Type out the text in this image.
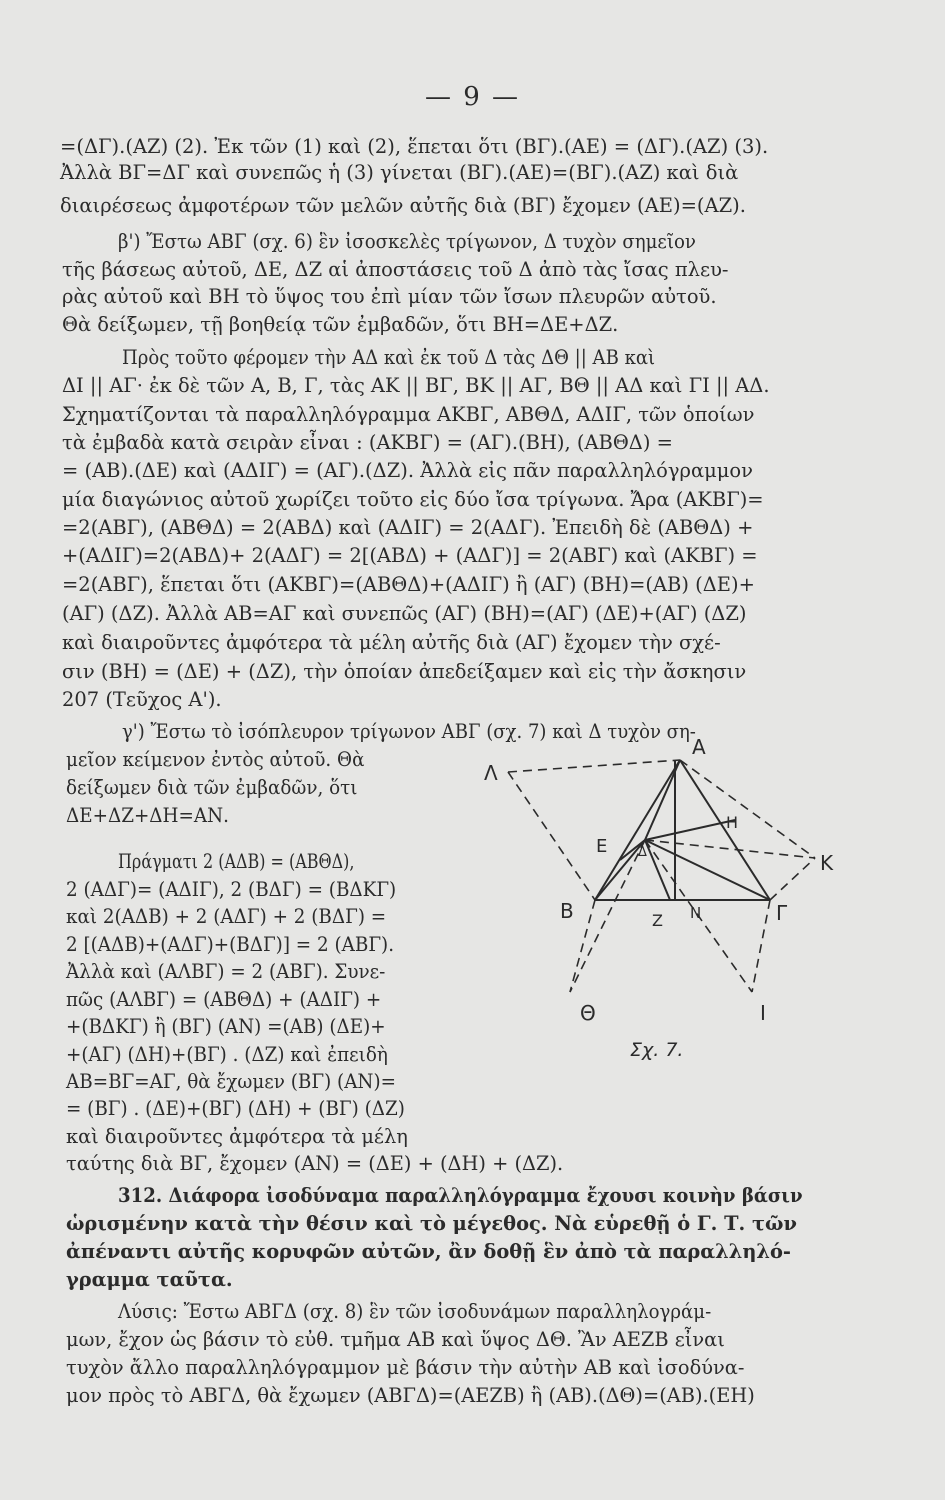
— 9 —
=(ΔΓ).(ΑΖ) (2). Ἐκ τῶν (1) καὶ (2), ἕπεται ὅτι (ΒΓ).(ΑΕ) = (ΔΓ).(ΑΖ) (3).
Ἀλλὰ ΒΓ=ΔΓ καὶ συνεπῶς ἡ (3) γίνεται (ΒΓ).(ΑΕ)=(ΒΓ).(ΑΖ) καὶ διὰ
διαιρέσεως ἀμφοτέρων τῶν μελῶν αὐτῆς διὰ (ΒΓ) ἔχομεν (ΑΕ)=(ΑΖ).
β') Ἔστω ΑΒΓ (σχ. 6) ἓν ἰσοσκελὲς τρίγωνον, Δ τυχὸν σημεῖον
τῆς βάσεως αὐτοῦ, ΔΕ, ΔΖ αἱ ἀποστάσεις τοῦ Δ ἀπὸ τὰς ἴσας πλευ-
ρὰς αὐτοῦ καὶ ΒΗ τὸ ὕψος του ἐπὶ μίαν τῶν ἴσων πλευρῶν αὐτοῦ.
Θὰ δείξωμεν, τῇ βοηθείᾳ τῶν ἐμβαδῶν, ὅτι ΒΗ=ΔΕ+ΔΖ.
Πρὸς τοῦτο φέρομεν τὴν ΑΔ καὶ ἐκ τοῦ Δ τὰς ΔΘ || ΑΒ καὶ
ΔΙ || ΑΓ· ἐκ δὲ τῶν Α, Β, Γ, τὰς ΑΚ || ΒΓ, ΒΚ || ΑΓ, ΒΘ || ΑΔ καὶ ΓΙ || ΑΔ.
Σχηματίζονται τὰ παραλληλόγραμμα ΑΚΒΓ, ΑΒΘΔ, ΑΔΙΓ, τῶν ὁποίων
τὰ ἐμβαδὰ κατὰ σειρὰν εἶναι : (ΑΚΒΓ) = (ΑΓ).(ΒΗ), (ΑΒΘΔ) =
= (ΑΒ).(ΔΕ) καὶ (ΑΔΙΓ) = (ΑΓ).(ΔΖ). Ἀλλὰ εἰς πᾶν παραλληλόγραμμον
μία διαγώνιος αὐτοῦ χωρίζει τοῦτο εἰς δύο ἴσα τρίγωνα. Ἄρα (ΑΚΒΓ)=
=2(ΑΒΓ), (ΑΒΘΔ) = 2(ΑΒΔ) καὶ (ΑΔΙΓ) = 2(ΑΔΓ). Ἐπειδὴ δὲ (ΑΒΘΔ) +
+(ΑΔΙΓ)=2(ΑΒΔ)+ 2(ΑΔΓ) = 2[(ΑΒΔ) + (ΑΔΓ)] = 2(ΑΒΓ) καὶ (ΑΚΒΓ) =
=2(ΑΒΓ), ἕπεται ὅτι (ΑΚΒΓ)=(ΑΒΘΔ)+(ΑΔΙΓ) ἢ (ΑΓ) (ΒΗ)=(ΑΒ) (ΔΕ)+
(ΑΓ) (ΔΖ). Ἀλλὰ ΑΒ=ΑΓ καὶ συνεπῶς (ΑΓ) (ΒΗ)=(ΑΓ) (ΔΕ)+(ΑΓ) (ΔΖ)
καὶ διαιροῦντες ἀμφότερα τὰ μέλη αὐτῆς διὰ (ΑΓ) ἔχομεν τὴν σχέ-
σιν (ΒΗ) = (ΔΕ) + (ΔΖ), τὴν ὁποίαν ἀπεδείξαμεν καὶ εἰς τὴν ἄσκησιν
207 (Τεῦχος Α').
γ') Ἔστω τὸ ἰσόπλευρον τρίγωνον ΑΒΓ (σχ. 7) καὶ Δ τυχὸν ση-
μεῖον κείμενον ἐντὸς αὐτοῦ. Θὰ
δείξωμεν διὰ τῶν ἐμβαδῶν, ὅτι
ΔΕ+ΔΖ+ΔΗ=ΑΝ.
Πράγματι 2 (ΑΔΒ) = (ΑΒΘΔ),
2 (ΑΔΓ)= (ΑΔΙΓ), 2 (ΒΔΓ) = (ΒΔΚΓ)
καὶ 2(ΑΔΒ) + 2 (ΑΔΓ) + 2 (ΒΔΓ) =
2 [(ΑΔΒ)+(ΑΔΓ)+(ΒΔΓ)] = 2 (ΑΒΓ).
Ἀλλὰ καὶ (ΑΛΒΓ) = 2 (ΑΒΓ). Συνε-
πῶς (ΑΛΒΓ) = (ΑΒΘΔ) + (ΑΔΙΓ) +
+(ΒΔΚΓ) ἢ (ΒΓ) (ΑΝ) =(ΑΒ) (ΔΕ)+
+(ΑΓ) (ΔΗ)+(ΒΓ) . (ΔΖ) καὶ ἐπειδὴ
ΑΒ=ΒΓ=ΑΓ, θὰ ἔχωμεν (ΒΓ) (ΑΝ)=
= (ΒΓ) . (ΔΕ)+(ΒΓ) (ΔΗ) + (ΒΓ) (ΔΖ)
καὶ διαιροῦντες ἀμφότερα τὰ μέλη
ταύτης διὰ ΒΓ, ἔχομεν (ΑΝ) = (ΔΕ) + (ΔΗ) + (ΔΖ).
312. Διάφορα ἰσοδύναμα παραλληλόγραμμα ἔχουσι κοινὴν βάσιν
ὡρισμένην κατὰ τὴν θέσιν καὶ τὸ μέγεθος. Νὰ εὑρεθῇ ὁ Γ. Τ. τῶν
ἀπέναντι αὐτῆς κορυφῶν αὐτῶν, ἂν δοθῇ ἓν ἀπὸ τὰ παραλληλό-
γραμμα ταῦτα.
Λύσις: Ἔστω ΑΒΓΔ (σχ. 8) ἓν τῶν ἰσοδυνάμων παραλληλογράμ-
μων, ἔχον ὡς βάσιν τὸ εὐθ. τμῆμα ΑΒ καὶ ὕψος ΔΘ. Ἂν ΑΕΖΒ εἶναι
τυχὸν ἄλλο παραλληλόγραμμον μὲ βάσιν τὴν αὐτὴν ΑΒ καὶ ἰσοδύνα-
μον πρὸς τὸ ΑΒΓΔ, θὰ ἔχωμεν (ΑΒΓΔ)=(ΑΕΖΒ) ἢ (ΑΒ).(ΔΘ)=(ΑΒ).(ΕΗ)
Α
Λ
Ε Δ
Η
Κ
Β	Ζ Ν	Γ
Θ	Ι
Σχ. 7.
